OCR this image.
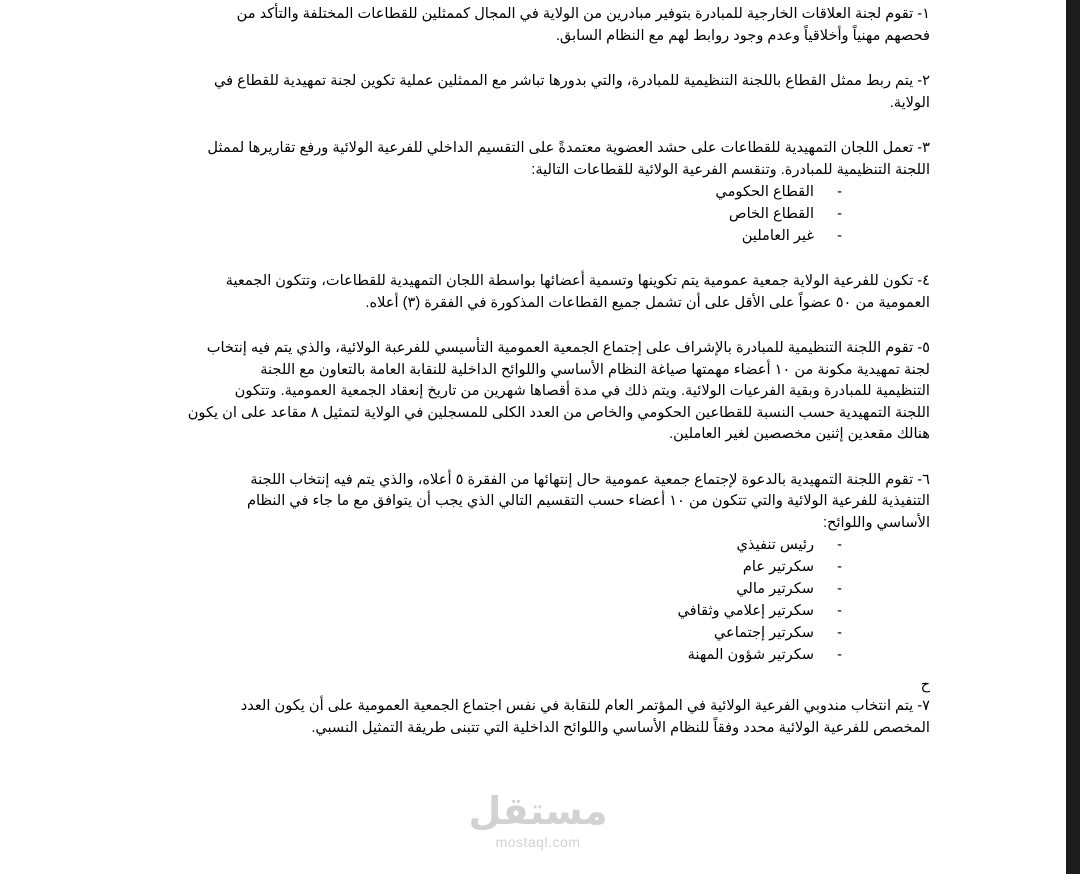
١- تقوم لجنة العلاقات الخارجية للمبادرة بتوفير مبادرين من الولاية في المجال كممثلين للقطاعات المختلفة والتأكد من
فحصهم مهنياً وأخلاقياً وعدم وجود روابط لهم مع النظام السابق.

٢- يتم ربط ممثل القطاع باللجنة التنظيمية للمبادرة، والتي بدورها تباشر مع الممثلين عملية تكوين لجنة تمهيدية للقطاع في
الولاية.

٣- تعمل اللجان التمهيدية للقطاعات على حشد العضوية معتمدةً على التقسيم الداخلي للفرعية الولائية ورفع تقاريرها لممثل
اللجنة التنظيمية للمبادرة. وتنقسم الفرعية الولائية للقطاعات التالية:
-
القطاع الحكومي
-
القطاع الخاص
-
غير العاملين

٤- تكون للفرعية الولاية جمعية عمومية يتم تكوينها وتسمية أعضائها بواسطة اللجان التمهيدية للقطاعات، وتتكون الجمعية
العمومية من ٥٠ عضواً على الأقل على أن تشمل جميع القطاعات المذكورة في الفقرة (٣) أعلاه.

٥- تقوم اللجنة التنظيمية للمبادرة بالإشراف على إجتماع الجمعية العمومية التأسيسي للفرعبة الولائية، والذي يتم فيه إنتخاب
لجنة تمهيدية مكونة من ١٠ أعضاء مهمتها صياغة النظام الأساسي واللوائح الداخلية للنقابة العامة بالتعاون مع اللجنة
التنظيمية للمبادرة وبقية الفرعيات الولائية. ويتم ذلك في مدة أقصاها شهرين من تاريخ إنعقاد الجمعية العمومية. وتتكون
اللجنة التمهيدية حسب النسبة للقطاعين الحكومي والخاص من العدد الكلى للمسجلين في الولاية لتمثيل ٨ مقاعد على ان يكون
هنالك مقعدين إثنين مخصصين لغير العاملين.

٦- تقوم اللجنة التمهيدية بالدعوة لإجتماع جمعية عمومية حال إنتهائها من الفقرة ٥ أعلاه، والذي يتم فيه إنتخاب اللجنة
التنفيذية للفرعية الولائية والتي تتكون من ١٠ أعضاء حسب التقسيم التالي الذي يجب أن يتوافق مع ما جاء في النظام
الأساسي واللوائح:
-
رئيس تنفيذي
-
سكرتير عام
-
سكرتير مالي
-
سكرتير إعلامي وثقافي
-
سكرتير إجتماعي
-
سكرتير شؤون المهنة
ح

٧- يتم انتخاب مندوبي الفرعية الولائية في المؤتمر العام للنقابة في نفس اجتماع الجمعية العمومية على أن يكون العدد
المخصص للفرعية الولائية محدد وفقاً للنظام الأساسي واللوائح الداخلية التي تتبنى طريقة التمثيل النسبي.

مستقل
mostaql.com
